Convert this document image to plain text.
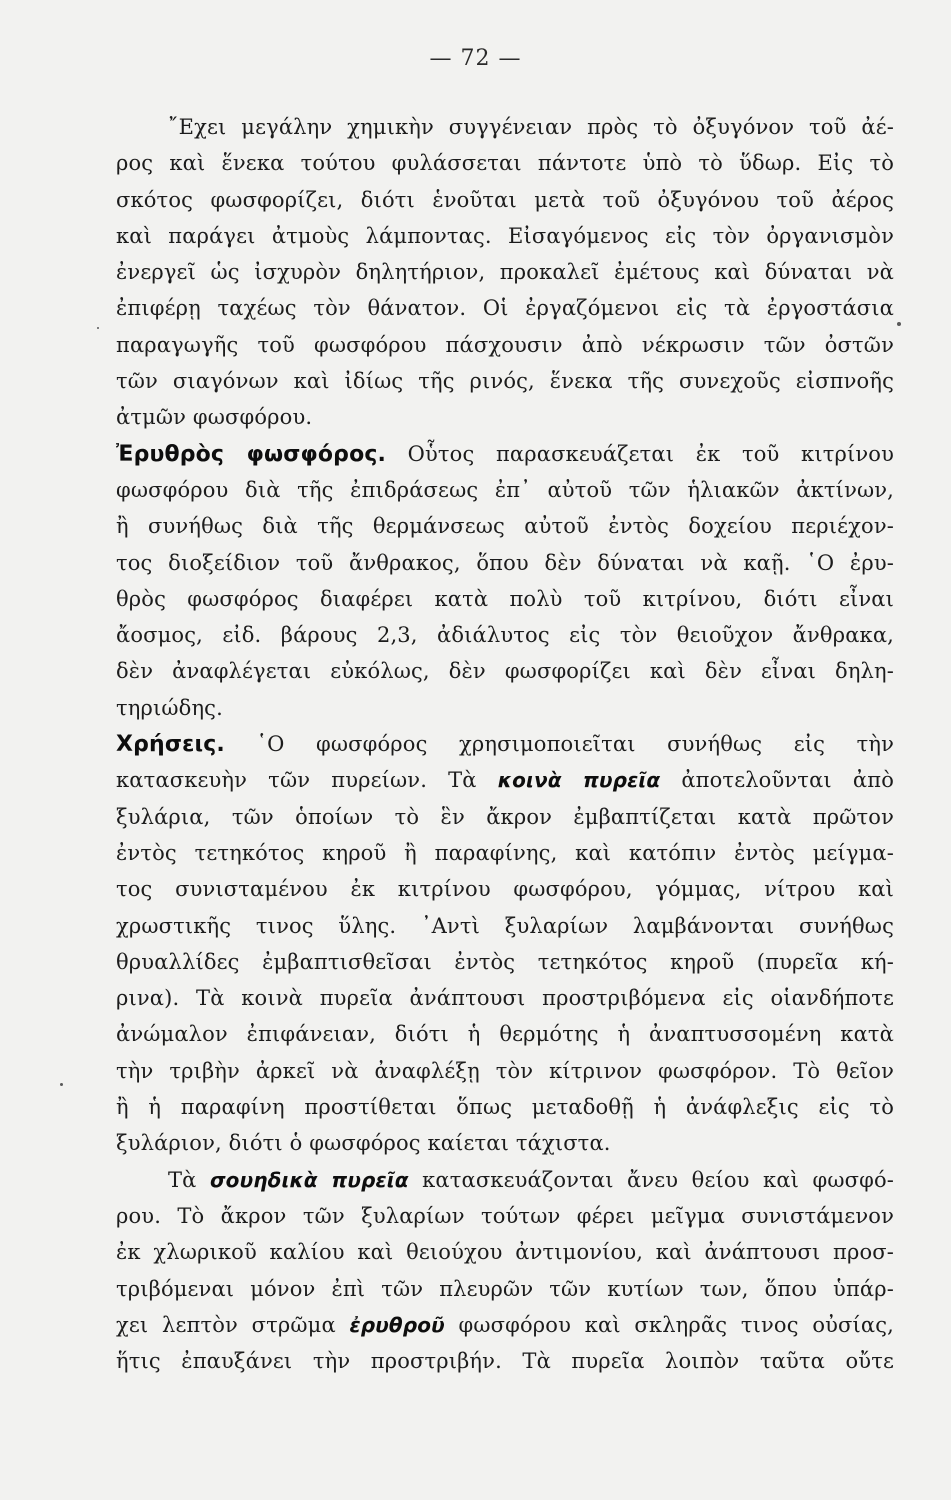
— 72 —
῎Εχει μεγάλην χημικὴν συγγένειαν πρὸς τὸ ὀξυγόνον τοῦ ἀέ-
ρος καὶ ἕνεκα τούτου φυλάσσεται πάντοτε ὑπὸ τὸ ὕδωρ. Εἰς τὸ
σκότος φωσφορίζει, διότι ἑνοῦται μετὰ τοῦ ὀξυγόνου τοῦ ἀέρος
καὶ παράγει ἀτμοὺς λάμποντας. Εἰσαγόμενος εἰς τὸν ὀργανισμὸν
ἐνεργεῖ ὡς ἰσχυρὸν δηλητήριον, προκαλεῖ ἐμέτους καὶ δύναται νὰ
ἐπιφέρῃ ταχέως τὸν θάνατον. Οἱ ἐργαζόμενοι εἰς τὰ ἐργοστάσια
παραγωγῆς τοῦ φωσφόρου πάσχουσιν ἀπὸ νέκρωσιν τῶν ὀστῶν
τῶν σιαγόνων καὶ ἰδίως τῆς ρινός, ἕνεκα τῆς συνεχοῦς εἰσπνοῆς
ἀτμῶν φωσφόρου.
Ἐρυθρὸς φωσφόρος. Οὗτος παρασκευάζεται ἐκ τοῦ κιτρίνου
φωσφόρου διὰ τῆς ἐπιδράσεως ἐπ᾽ αὐτοῦ τῶν ἡλιακῶν ἀκτίνων,
ἢ συνήθως διὰ τῆς θερμάνσεως αὐτοῦ ἐντὸς δοχείου περιέχον-
τος διοξείδιον τοῦ ἄνθρακος, ὅπου δὲν δύναται νὰ καῇ. ῾Ο ἐρυ-
θρὸς φωσφόρος διαφέρει κατὰ πολὺ τοῦ κιτρίνου, διότι εἶναι
ἄοσμος, εἰδ. βάρους 2,3, ἀδιάλυτος εἰς τὸν θειοῦχον ἄνθρακα,
δὲν ἀναφλέγεται εὐκόλως, δὲν φωσφορίζει καὶ δὲν εἶναι δηλη-
τηριώδης.
Χρήσεις. ῾Ο φωσφόρος χρησιμοποιεῖται συνήθως εἰς τὴν
κατασκευὴν τῶν πυρείων. Τὰ κοινὰ πυρεῖα ἀποτελοῦνται ἀπὸ
ξυλάρια, τῶν ὁποίων τὸ ἓν ἄκρον ἐμβαπτίζεται κατὰ πρῶτον
ἐντὸς τετηκότος κηροῦ ἢ παραφίνης, καὶ κατόπιν ἐντὸς μείγμα-
τος συνισταμένου ἐκ κιτρίνου φωσφόρου, γόμμας, νίτρου καὶ
χρωστικῆς τινος ὕλης. ᾿Αντὶ ξυλαρίων λαμβάνονται συνήθως
θρυαλλίδες ἐμβαπτισθεῖσαι ἐντὸς τετηκότος κηροῦ (πυρεῖα κή-
ρινα). Τὰ κοινὰ πυρεῖα ἀνάπτουσι προστριβόμενα εἰς οἱανδήποτε
ἀνώμαλον ἐπιφάνειαν, διότι ἡ θερμότης ἡ ἀναπτυσσομένη κατὰ
τὴν τριβὴν ἀρκεῖ νὰ ἀναφλέξῃ τὸν κίτρινον φωσφόρον. Τὸ θεῖον
ἢ ἡ παραφίνη προστίθεται ὅπως μεταδοθῇ ἡ ἀνάφλεξις εἰς τὸ
ξυλάριον, διότι ὁ φωσφόρος καίεται τάχιστα.
Τὰ σουηδικὰ πυρεῖα κατασκευάζονται ἄνευ θείου καὶ φωσφό-
ρου. Τὸ ἄκρον τῶν ξυλαρίων τούτων φέρει μεῖγμα συνιστάμενον
ἐκ χλωρικοῦ καλίου καὶ θειούχου ἀντιμονίου, καὶ ἀνάπτουσι προσ-
τριβόμεναι μόνον ἐπὶ τῶν πλευρῶν τῶν κυτίων των, ὅπου ὑπάρ-
χει λεπτὸν στρῶμα ἐρυθροῦ φωσφόρου καὶ σκληρᾶς τινος οὐσίας,
ἥτις ἐπαυξάνει τὴν προστριβήν. Τὰ πυρεῖα λοιπὸν ταῦτα οὔτε
